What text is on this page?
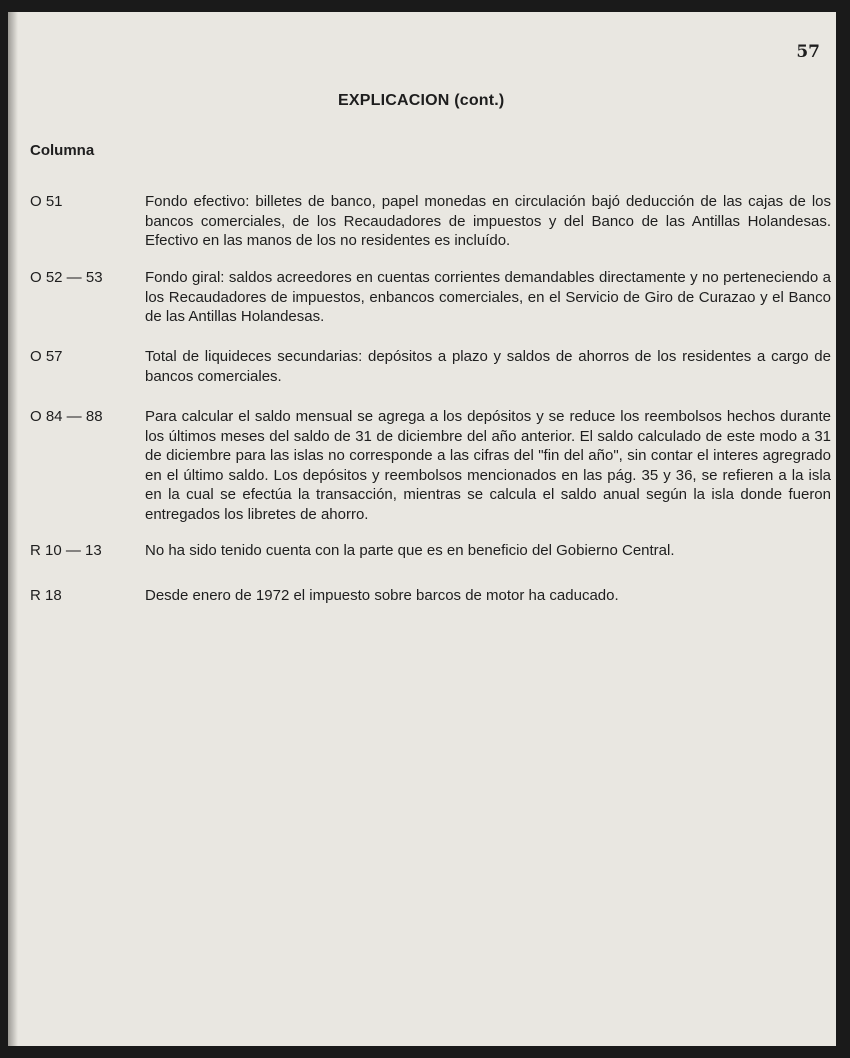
57
EXPLICACION (cont.)
Columna
O 51	Fondo efectivo: billetes de banco, papel monedas en circulación bajó deducción de las cajas de los bancos comerciales, de los Recaudadores de impuestos y del Banco de las Antillas Holandesas. Efectivo en las manos de los no residentes es incluído.
O 52 — 53	Fondo giral: saldos acreedores en cuentas corrientes demandables directamente y no perteneciendo a los Recaudadores de impuestos, enbancos comerciales, en el Servicio de Giro de Curazao y el Banco de las Antillas Holandesas.
O 57	Total de liquideces secundarias: depósitos a plazo y saldos de ahorros de los residentes a cargo de bancos comerciales.
O 84 — 88	Para calcular el saldo mensual se agrega a los depósitos y se reduce los reembolsos hechos durante los últimos meses del saldo de 31 de diciembre del año anterior. El saldo calculado de este modo a 31 de diciembre para las islas no corresponde a las cifras del "fin del año", sin contar el interes agregrado en el último saldo. Los depósitos y reembolsos mencionados en las pág. 35 y 36, se refieren a la isla en la cual se efectúa la transacción, mientras se calcula el saldo anual según la isla donde fueron entregados los libretes de ahorro.
R 10 — 13	No ha sido tenido cuenta con la parte que es en beneficio del Gobierno Central.
R 18	Desde enero de 1972 el impuesto sobre barcos de motor ha caducado.
